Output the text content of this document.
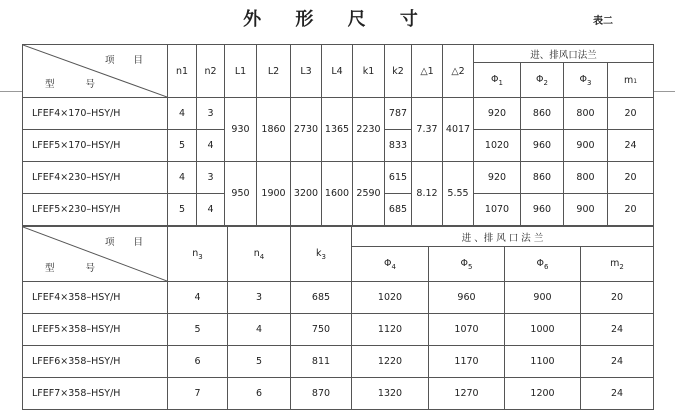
外 形 尺 寸	表二
项 目
型 号	n1	n2	L1	L2	L3	L4	k1	k2	△1	△2	进、排风口法兰			
											$\Phi_1$	$\Phi_2$	$\Phi_3$	m1
LFEF4×170–HSY/H	4	3	930	1860	2730	1365	2230	787	7.37	4017	920	860	800	20
LFEF5×170–HSY/H	5	4						833			1020	960	900	24
LFEF4×230–HSY/H	4	3	950	1900	3200	1600	2590	615	8.12	5.55	920	860	800	20
LFEF5×230–HSY/H	5	4						685			1070	960	900	20
项 目
型 号	$n_3$	$n_4$	$k_3$	进 、排 风 口 法 兰			
				$\Phi_4$	$\Phi_5$	$\Phi_6$	$m_2$
LFEF4×358–HSY/H	4	3	685	1020	960	900	20
LFEF5×358–HSY/H	5	4	750	1120	1070	1000	24
LFEF6×358–HSY/H	6	5	811	1220	1170	1100	24
LFEF7×358–HSY/H	7	6	870	1320	1270	1200	24
